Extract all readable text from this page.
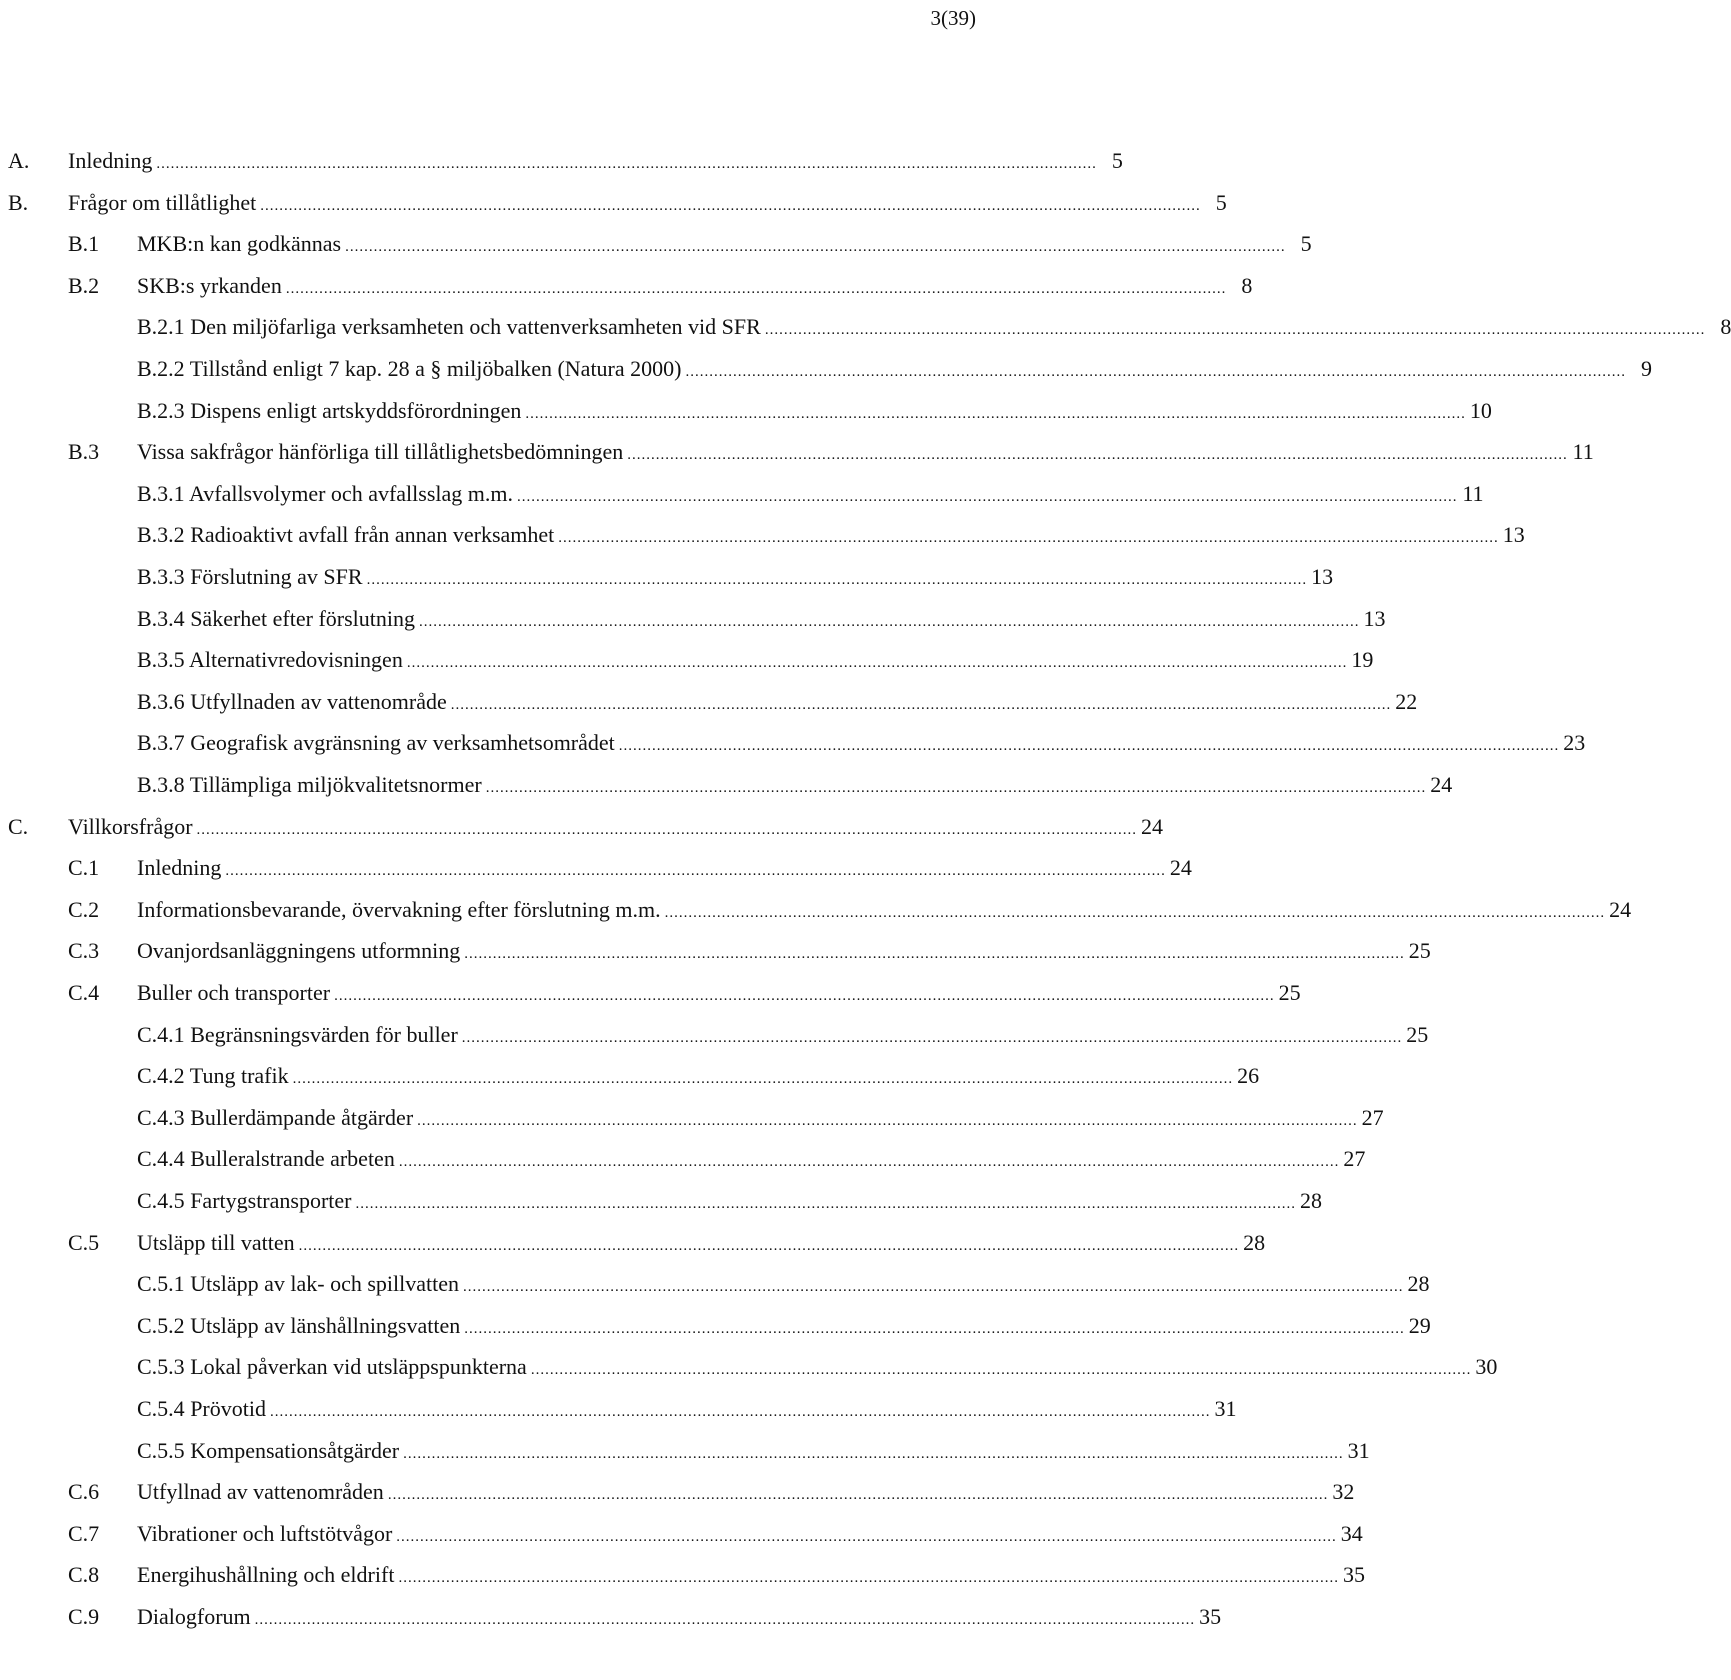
3(39)
A. Inledning ...................................................................................................................................................................................................... 5
B. Frågor om tillåtlighet ...................................................................................................................................................................................................... 5
B.1 MKB:n kan godkännas ...................................................................................................................................................................................................... 5
B.2 SKB:s yrkanden ...................................................................................................................................................................................................... 8
B.2.1 Den miljöfarliga verksamheten och vattenverksamheten vid SFR ...................................................................................................................................................................................................... 8
B.2.2 Tillstånd enligt 7 kap. 28 a § miljöbalken (Natura 2000) ...................................................................................................................................................................................................... 9
B.2.3 Dispens enligt artskyddsförordningen ...................................................................................................................................................................................................... 10
B.3 Vissa sakfrågor hänförliga till tillåtlighetsbedömningen ...................................................................................................................................................................................................... 11
B.3.1 Avfallsvolymer och avfallsslag m.m. ...................................................................................................................................................................................................... 11
B.3.2 Radioaktivt avfall från annan verksamhet ...................................................................................................................................................................................................... 13
B.3.3 Förslutning av SFR ...................................................................................................................................................................................................... 13
B.3.4 Säkerhet efter förslutning ...................................................................................................................................................................................................... 13
B.3.5 Alternativredovisningen ...................................................................................................................................................................................................... 19
B.3.6 Utfyllnaden av vattenområde ...................................................................................................................................................................................................... 22
B.3.7 Geografisk avgränsning av verksamhetsområdet ...................................................................................................................................................................................................... 23
B.3.8 Tillämpliga miljökvalitetsnormer ...................................................................................................................................................................................................... 24
C. Villkorsfrågor ...................................................................................................................................................................................................... 24
C.1 Inledning ...................................................................................................................................................................................................... 24
C.2 Informationsbevarande, övervakning efter förslutning m.m. ...................................................................................................................................................................................................... 24
C.3 Ovanjordsanläggningens utformning ...................................................................................................................................................................................................... 25
C.4 Buller och transporter ...................................................................................................................................................................................................... 25
C.4.1 Begränsningsvärden för buller ...................................................................................................................................................................................................... 25
C.4.2 Tung trafik ...................................................................................................................................................................................................... 26
C.4.3 Bullerdämpande åtgärder ...................................................................................................................................................................................................... 27
C.4.4 Bulleralstrande arbeten ...................................................................................................................................................................................................... 27
C.4.5 Fartygstransporter ...................................................................................................................................................................................................... 28
C.5 Utsläpp till vatten ...................................................................................................................................................................................................... 28
C.5.1 Utsläpp av lak- och spillvatten ...................................................................................................................................................................................................... 28
C.5.2 Utsläpp av länshållningsvatten ...................................................................................................................................................................................................... 29
C.5.3 Lokal påverkan vid utsläppspunkterna ...................................................................................................................................................................................................... 30
C.5.4 Prövotid ...................................................................................................................................................................................................... 31
C.5.5 Kompensationsåtgärder ...................................................................................................................................................................................................... 31
C.6 Utfyllnad av vattenområden ...................................................................................................................................................................................................... 32
C.7 Vibrationer och luftstötvågor ...................................................................................................................................................................................................... 34
C.8 Energihushållning och eldrift ...................................................................................................................................................................................................... 35
C.9 Dialogforum ...................................................................................................................................................................................................... 35
